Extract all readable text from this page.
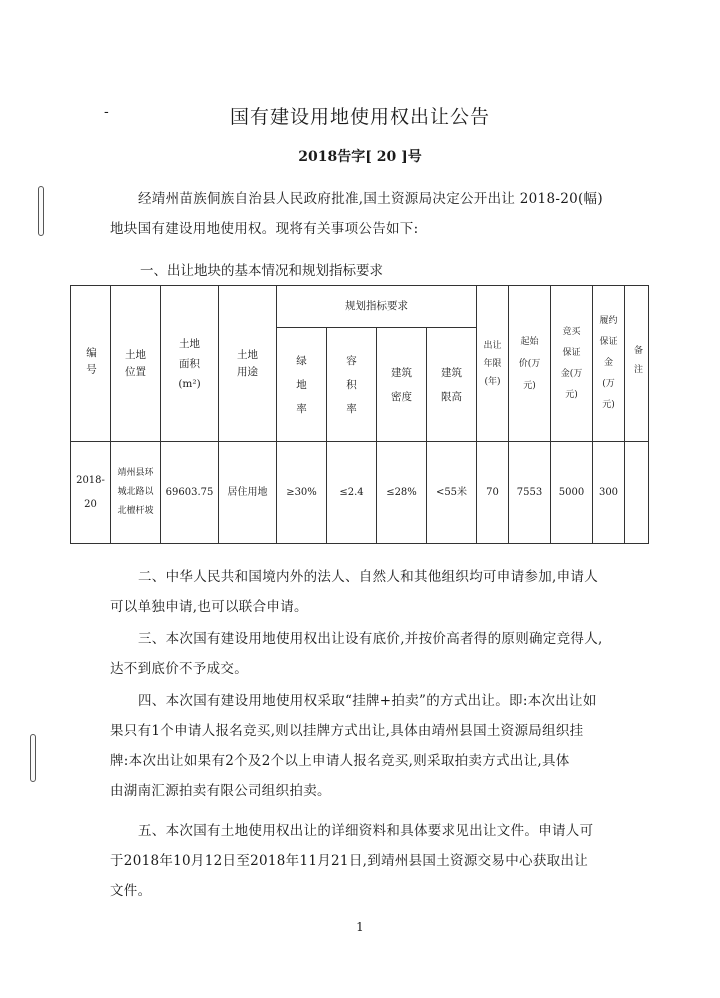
-	国有建设用地使用权出让公告
2018告字[ 20 ]号
经靖州苗族侗族自治县人民政府批准,国土资源局决定公开出让 2018-20(幅)
地块国有建设用地使用权。现将有关事项公告如下:
一、出让地块的基本情况和规划指标要求
编号	土地位置	土地面积(m²)	土地用途	规划指标要求				出让年限(年)	起始价(万元)	竞买保证金(万元)	履约保证金(万元)	备注

				绿地率	容积率	建筑密度	建筑限高					

2018-20	靖州县环城北路以北檀杆坡	69603.75	居住用地	≥30%	≤2.4	≤28%	<55米	70	7553	5000	300	
二、中华人民共和国境内外的法人、自然人和其他组织均可申请参加,申请人
可以单独申请,也可以联合申请。
三、本次国有建设用地使用权出让设有底价,并按价高者得的原则确定竞得人,
达不到底价不予成交。
四、本次国有建设用地使用权采取“挂牌+拍卖”的方式出让。即:本次出让如
果只有1个申请人报名竞买,则以挂牌方式出让,具体由靖州县国土资源局组织挂
牌:本次出让如果有2个及2个以上申请人报名竞买,则采取拍卖方式出让,具体
由湖南汇源拍卖有限公司组织拍卖。
五、本次国有土地使用权出让的详细资料和具体要求见出让文件。申请人可
于2018年10月12日至2018年11月21日,到靖州县国土资源交易中心获取出让
文件。
1
